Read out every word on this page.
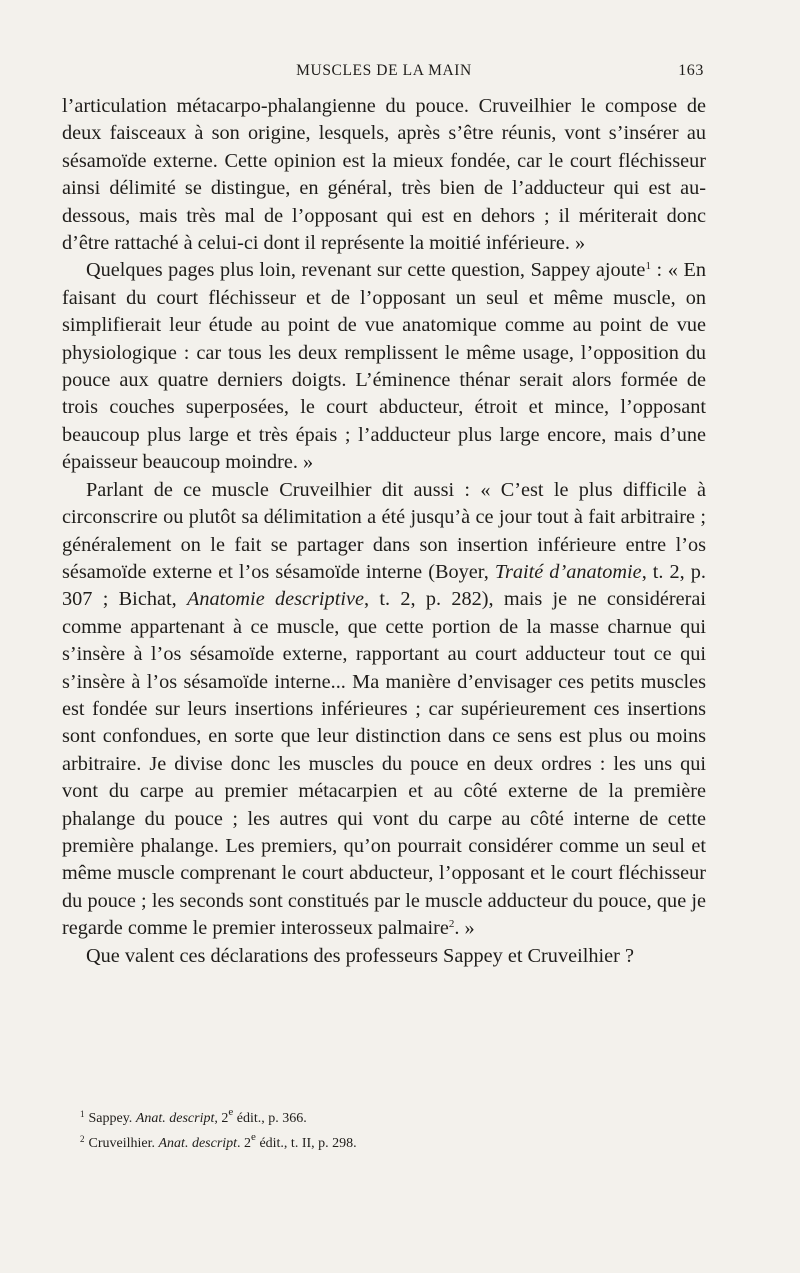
MUSCLES DE LA MAIN	163

l’articulation métacarpo-phalangienne du pouce. Cruveilhier le compose de deux faisceaux à son origine, lesquels, après s’être réunis, vont s’insérer au sésamoïde externe. Cette opinion est la mieux fondée, car le court fléchisseur ainsi délimité se distingue, en général, très bien de l’adducteur qui est au-dessous, mais très mal de l’opposant qui est en dehors ; il mériterait donc d’être rattaché à celui-ci dont il représente la moitié inférieure. »

Quelques pages plus loin, revenant sur cette question, Sappey ajoute$^1$ : « En faisant du court fléchisseur et de l’opposant un seul et même muscle, on simplifierait leur étude au point de vue anatomique comme au point de vue physiologique : car tous les deux remplissent le même usage, l’opposition du pouce aux quatre derniers doigts. L’éminence thénar serait alors formée de trois couches superposées, le court abducteur, étroit et mince, l’opposant beaucoup plus large et très épais ; l’adducteur plus large encore, mais d’une épaisseur beaucoup moindre. »

Parlant de ce muscle Cruveilhier dit aussi : « C’est le plus difficile à circonscrire ou plutôt sa délimitation a été jusqu’à ce jour tout à fait arbitraire ; généralement on le fait se partager dans son insertion inférieure entre l’os sésamoïde externe et l’os sésamoïde interne (Boyer, Traité d’anatomie, t. 2, p. 307 ; Bichat, Anatomie descriptive, t. 2, p. 282), mais je ne considérerai comme appartenant à ce muscle, que cette portion de la masse charnue qui s’insère à l’os sésamoïde externe, rapportant au court adducteur tout ce qui s’insère à l’os sésamoïde interne... Ma manière d’envisager ces petits muscles est fondée sur leurs insertions inférieures ; car supérieurement ces insertions sont confondues, en sorte que leur distinction dans ce sens est plus ou moins arbitraire. Je divise donc les muscles du pouce en deux ordres : les uns qui vont du carpe au premier métacarpien et au côté externe de la première phalange du pouce ; les autres qui vont du carpe au côté interne de cette première phalange. Les premiers, qu’on pourrait considérer comme un seul et même muscle comprenant le court abducteur, l’opposant et le court fléchisseur du pouce ; les seconds sont constitués par le muscle adducteur du pouce, que je regarde comme le premier interosseux palmaire$^2$. »

Que valent ces déclarations des professeurs Sappey et Cruveilhier ?

$^1$ Sappey. Anat. descript, 2e édit., p. 366.

$^2$ Cruveilhier. Anat. descript. 2e édit., t. II, p. 298.
